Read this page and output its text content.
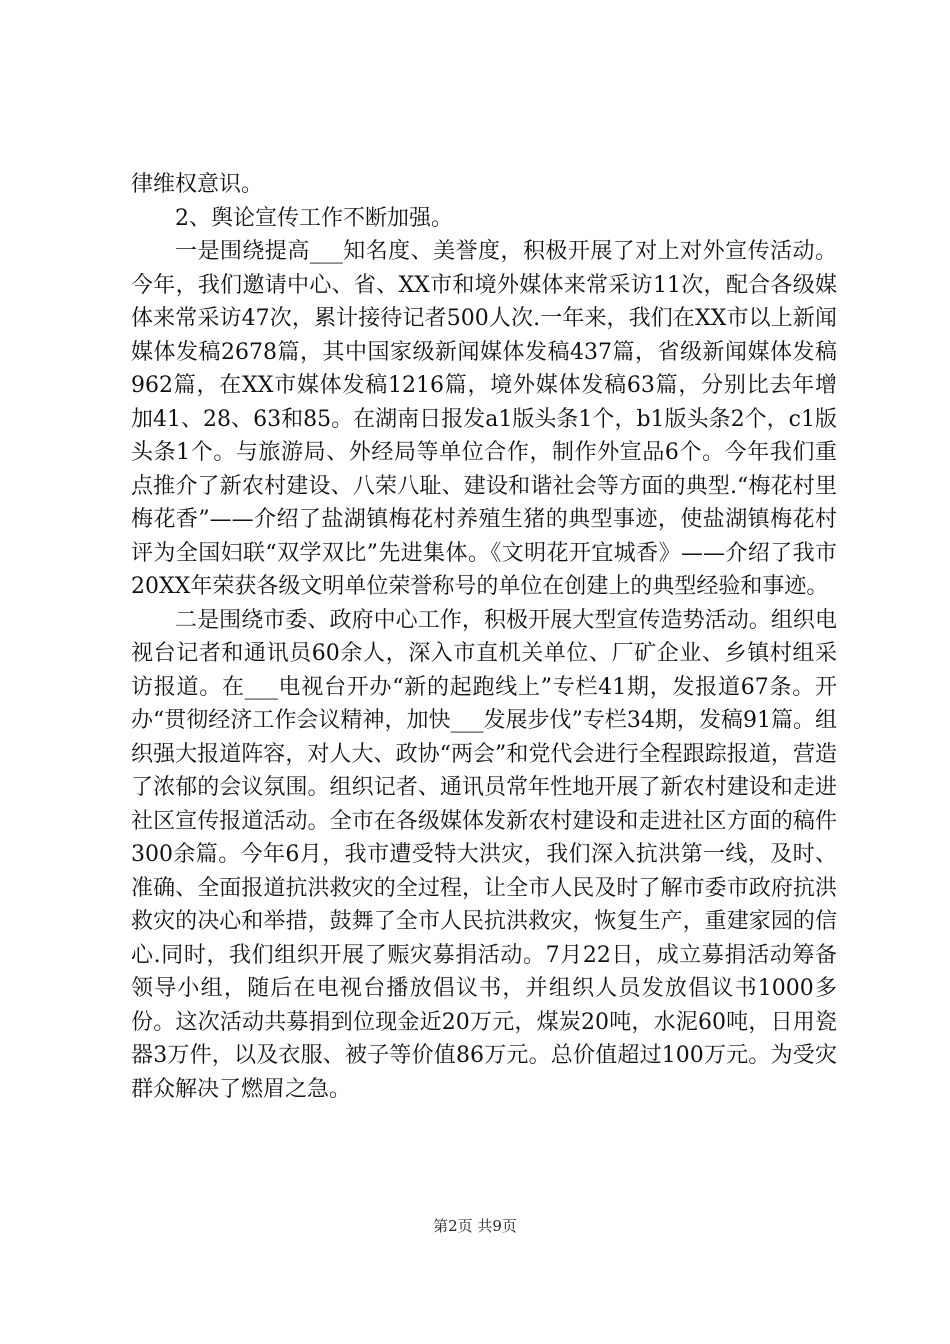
律维权意识。

2、舆论宣传工作不断加强。

一是围绕提高___知名度、美誉度，积极开展了对上对外宣传活动。今年，我们邀请中心、省、XX市和境外媒体来常采访11次，配合各级媒体来常采访47次，累计接待记者500人次.一年来，我们在XX市以上新闻媒体发稿2678篇，其中国家级新闻媒体发稿437篇，省级新闻媒体发稿962篇，在XX市媒体发稿1216篇，境外媒体发稿63篇，分别比去年增加41、28、63和85。在湖南日报发a1版头条1个，b1版头条2个，c1版头条1个。与旅游局、外经局等单位合作，制作外宣品6个。今年我们重点推介了新农村建设、八荣八耻、建设和谐社会等方面的典型.“梅花村里梅花香”——介绍了盐湖镇梅花村养殖生猪的典型事迹，使盐湖镇梅花村评为全国妇联“双学双比”先进集体。《文明花开宜城香》——介绍了我市20XX年荣获各级文明单位荣誉称号的单位在创建上的典型经验和事迹。

二是围绕市委、政府中心工作，积极开展大型宣传造势活动。组织电视台记者和通讯员60余人，深入市直机关单位、厂矿企业、乡镇村组采访报道。在___电视台开办“新的起跑线上”专栏41期，发报道67条。开办“贯彻经济工作会议精神，加快___发展步伐”专栏34期，发稿91篇。组织强大报道阵容，对人大、政协“两会”和党代会进行全程跟踪报道，营造了浓郁的会议氛围。组织记者、通讯员常年性地开展了新农村建设和走进社区宣传报道活动。全市在各级媒体发新农村建设和走进社区方面的稿件300余篇。今年6月，我市遭受特大洪灾，我们深入抗洪第一线，及时、准确、全面报道抗洪救灾的全过程，让全市人民及时了解市委市政府抗洪救灾的决心和举措，鼓舞了全市人民抗洪救灾，恢复生产，重建家园的信心.同时，我们组织开展了赈灾募捐活动。7月22日，成立募捐活动筹备领导小组，随后在电视台播放倡议书，并组织人员发放倡议书1000多份。这次活动共募捐到位现金近20万元，煤炭20吨，水泥60吨，日用瓷器3万件，以及衣服、被子等价值86万元。总价值超过100万元。为受灾群众解决了燃眉之急。

第2页 共9页
